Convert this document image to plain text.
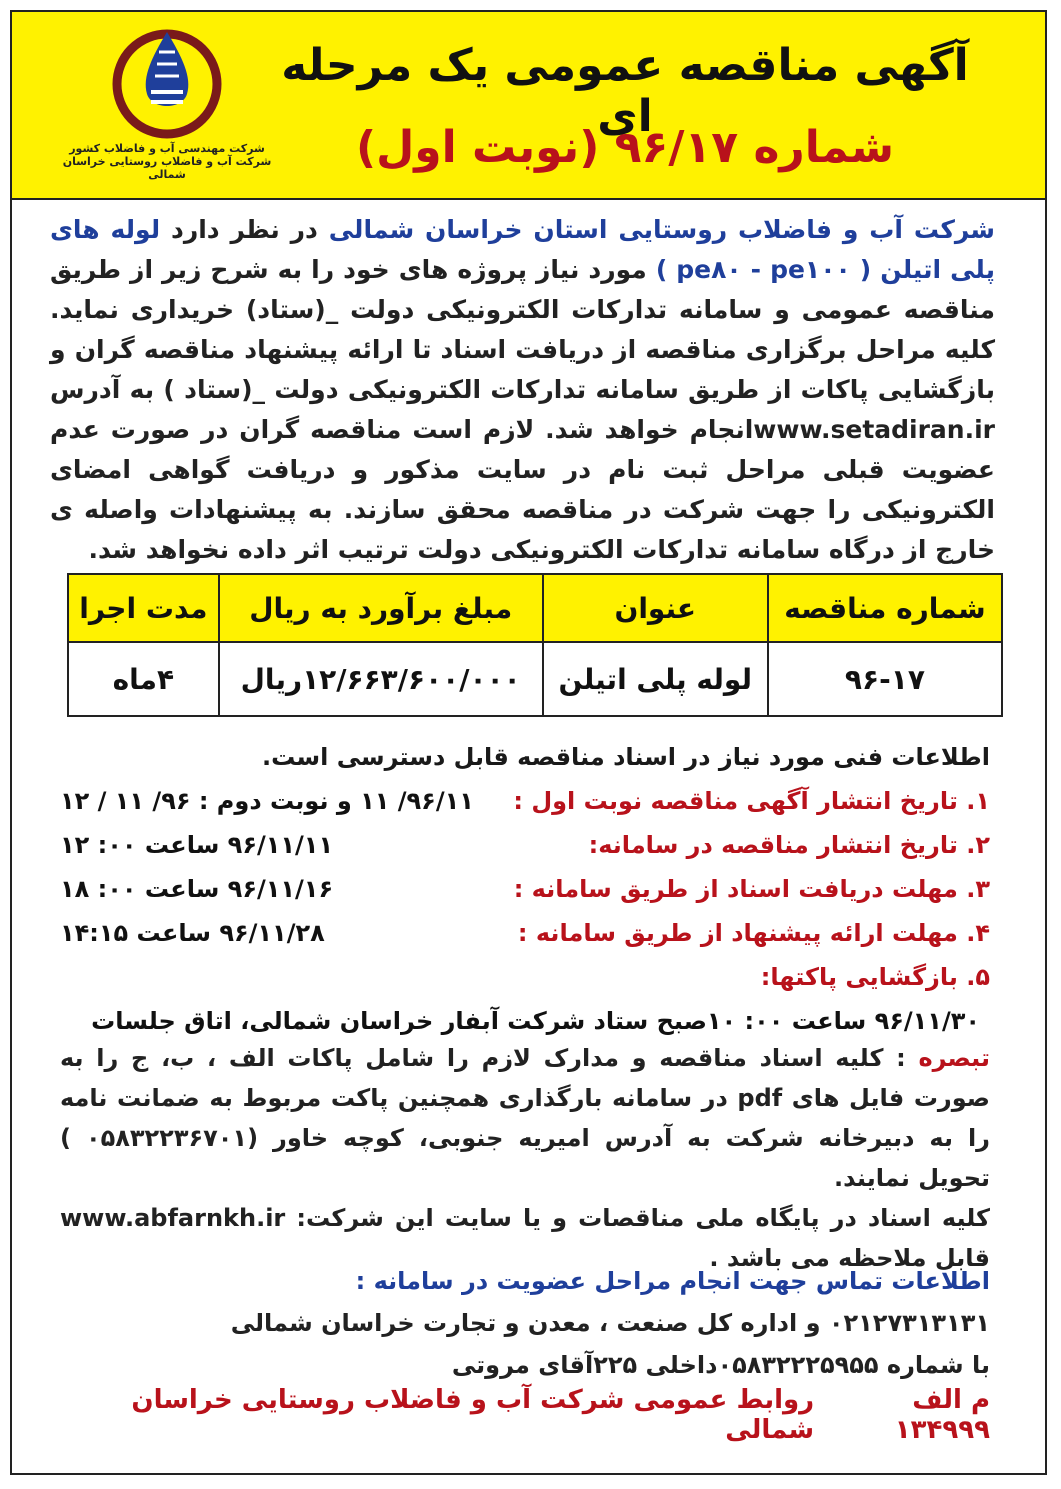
شرکت مهندسی آب و فاضلاب کشور
شرکت آب و فاضلاب روستایی خراسان شمالی
آگهی مناقصه عمومی یک مرحله ای
شماره ۹۶/۱۷ (نوبت اول)
شرکت آب و فاضلاب روستایی استان خراسان شمالی در نظر دارد لوله های پلی اتیلن ( pe۸۰ - pe۱۰۰ ) مورد نیاز پروژه های خود را به شرح زیر از طریق مناقصه عمومی و سامانه تدارکات الکترونیکی دولت _(ستاد) خریداری نماید. کلیه مراحل برگزاری مناقصه از دریافت اسناد تا ارائه پیشنهاد مناقصه گران و بازگشایی پاکات از طریق سامانه تدارکات الکترونیکی دولت _(ستاد ) به آدرس www.setadiran.irانجام خواهد شد. لازم است مناقصه گران در صورت عدم عضویت قبلی مراحل ثبت نام در سایت مذکور و دریافت گواهی امضای الکترونیکی را جهت شرکت در مناقصه محقق سازند. به پیشنهادات واصله ی خارج از درگاه سامانه تدارکات الکترونیکی دولت ترتیب اثر داده نخواهد شد.
شماره مناقصه	عنوان	مبلغ برآورد به ریال	مدت اجرا
۹۶-۱۷	لوله پلی اتیلن	۱۲/۶۶۳/۶۰۰/۰۰۰ریال	۴ماه
اطلاعات فنی مورد نیاز در اسناد مناقصه قابل دسترسی است.
۱. تاریخ انتشار آگهی مناقصه نوبت اول :
۹۶/۱۱/ ۱۱ و نوبت دوم : ۹۶/ ۱۱ / ۱۲
۲. تاریخ انتشار مناقصه در سامانه:
۹۶/۱۱/۱۱ ساعت ۰۰: ۱۲
۳. مهلت دریافت اسناد از طریق سامانه :
۹۶/۱۱/۱۶ ساعت ۰۰: ۱۸
۴. مهلت ارائه پیشنهاد از طریق سامانه :
۹۶/۱۱/۲۸ ساعت ۱۴:۱۵
۵. بازگشایی پاکتها:
۹۶/۱۱/۳۰ ساعت ۰۰: ۱۰صبح ستاد شرکت آبفار خراسان شمالی، اتاق جلسات
تبصره : کلیه اسناد مناقصه و مدارک لازم را شامل پاکات الف ، ب، ج را به صورت فایل های pdf در سامانه بارگذاری همچنین پاکت مربوط به ضمانت نامه را به دبیرخانه شرکت به آدرس امیریه جنوبی، کوچه خاور (۰۵۸۳۲۲۳۶۷۰۱ ) تحویل نمایند.
کلیه اسناد در پایگاه ملی مناقصات و یا سایت این شرکت: www.abfarnkh.ir قابل ملاحظه می باشد .
اطلاعات تماس جهت انجام مراحل عضویت در سامانه :
۰۲۱۲۷۳۱۳۱۳۱ و اداره کل صنعت ، معدن و تجارت خراسان شمالی
با شماره ۰۵۸۳۲۲۲۵۹۵۵داخلی ۲۲۵آقای مروتی
م الف ۱۳۴۹۹۹
روابط عمومی شرکت آب و فاضلاب روستایی خراسان شمالی
